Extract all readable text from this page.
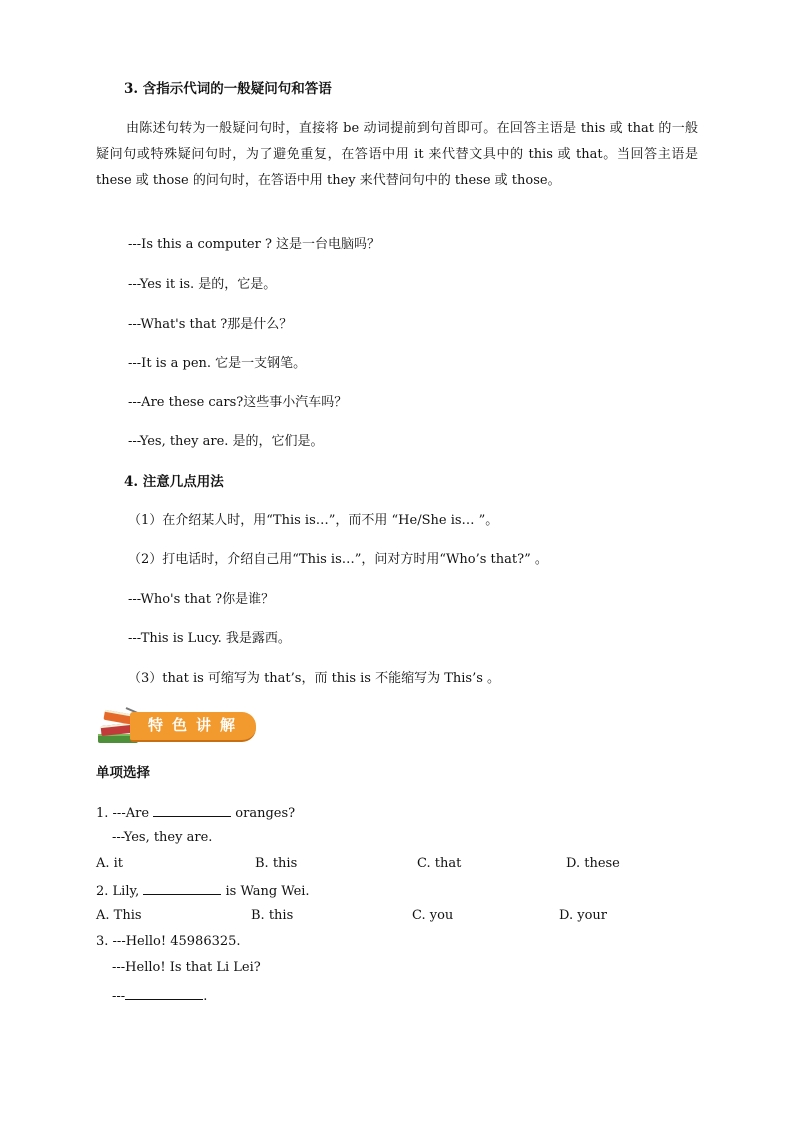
3. 含指示代词的一般疑问句和答语
由陈述句转为一般疑问句时，直接将 be 动词提前到句首即可。在回答主语是 this 或 that 的一般疑问句或特殊疑问句时，为了避免重复，在答语中用 it 来代替文具中的 this 或 that。当回答主语是 these 或 those 的问句时，在答语中用 they 来代替问句中的 these 或 those。
---Is this a computer ? 这是一台电脑吗？
---Yes it is. 是的，它是。
---What's that ?那是什么？
---It is a pen. 它是一支钢笔。
---Are these cars?这些事小汽车吗？
---Yes, they are. 是的，它们是。
4. 注意几点用法
（1）在介绍某人时，用“This is…”，而不用 “He/She is… ”。
（2）打电话时，介绍自己用“This is…”，问对方时用“Who’s that?” 。
---Who's that ?你是谁？
---This is Lucy. 我是露西。
（3）that is 可缩写为 that’s，而 this is 不能缩写为 This’s 。
特色讲解
单项选择
1. ---Are	oranges?
---Yes, they are.
A. it	B. this	C. that	D. these
2. Lily,	is Wang Wei.
A. This	B. this	C. you	D. your
3. ---Hello! 45986325.
---Hello! Is that Li Lei?
---	.
